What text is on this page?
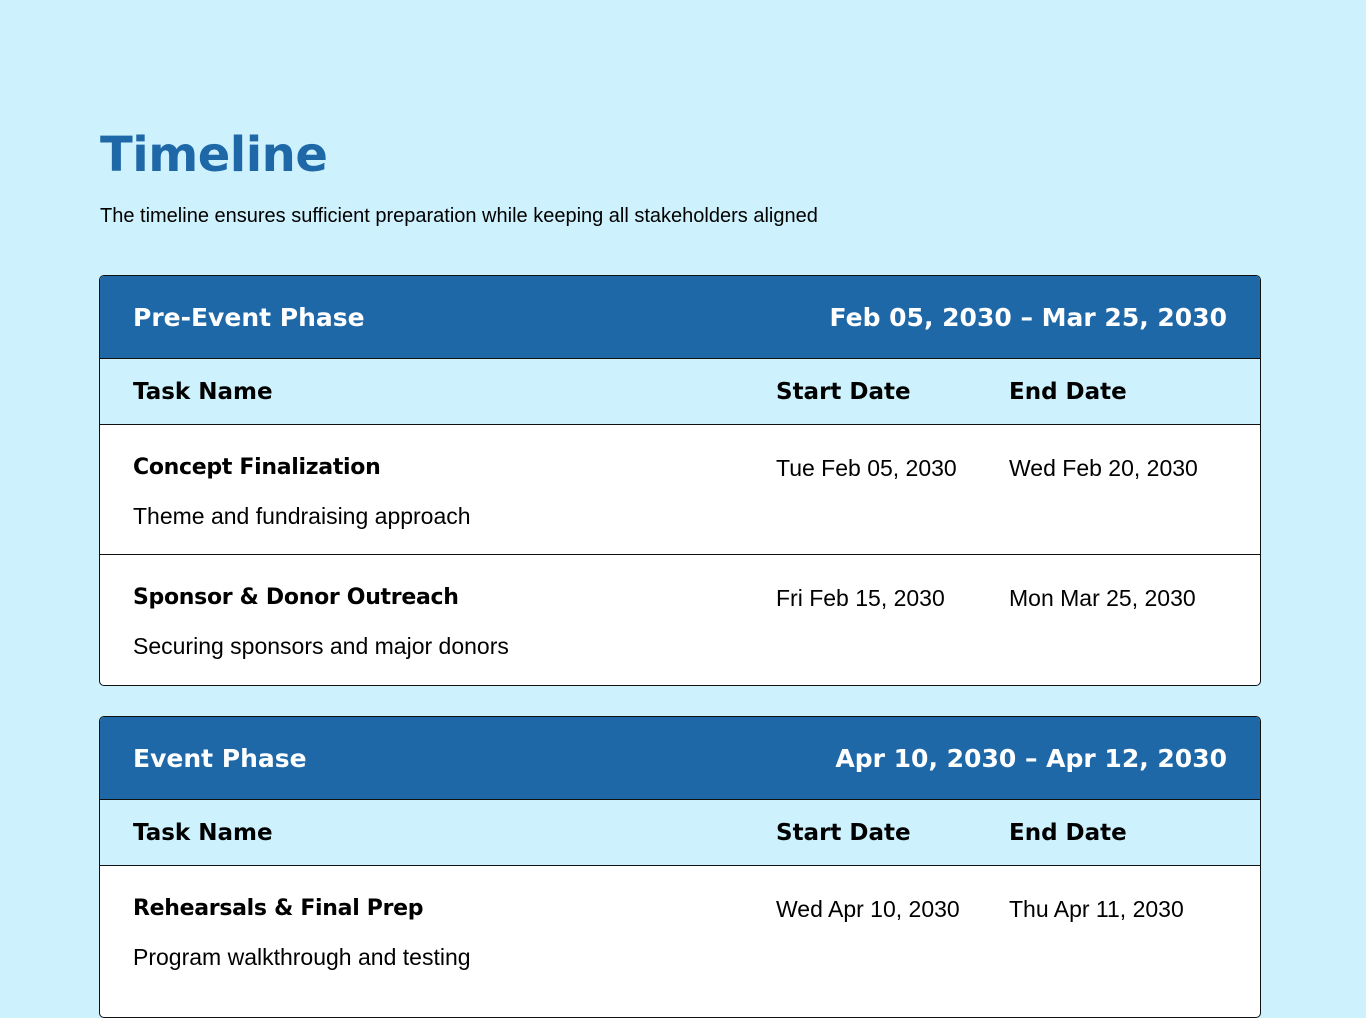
Timeline

The timeline ensures sufficient preparation while keeping all stakeholders aligned

Pre-Event Phase	Feb 05, 2030 – Mar 25, 2030
Task Name	Start Date	End Date
Concept Finalization
Theme and fundraising approach
Tue Feb 05, 2030	Wed Feb 20, 2030
Sponsor & Donor Outreach
Securing sponsors and major donors
Fri Feb 15, 2030	Mon Mar 25, 2030
Event Phase	Apr 10, 2030 – Apr 12, 2030
Task Name	Start Date	End Date
Rehearsals & Final Prep
Program walkthrough and testing
Wed Apr 10, 2030	Thu Apr 11, 2030
